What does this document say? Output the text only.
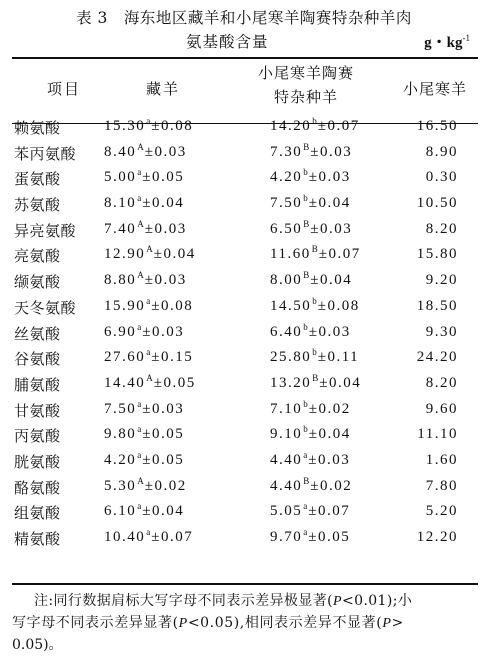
表 3 海东地区藏羊和小尾寒羊陶赛特杂种羊肉
氨基酸含量	g・$kg^{-1}$
项目	藏羊
小尾寒羊陶赛
特杂种羊	小尾寒羊
赖氨酸	15.30$^a$±0.08	14.20$^b$±0.07	16.50
苯丙氨酸 $8.40^A\pm 0.03$	$7.30^B\pm 0.03$	8.90
蛋氨酸	5.00$^a$±0.05	4.20$^b$±0.03	0.30
苏氨酸	8.10$^a$±0.04	7.50$^b$±0.04	10.50
异亮氨酸 $7.40^A\pm 0.03$	$6.50^B\pm 0.03$	8.20
亮氨酸	$12.90^A\pm 0.04$	$11.60^B\pm 0.07$	15.80
缬氨酸	$8.80^A\pm 0.03$	$8.00^B\pm 0.04$	9.20
天冬氨酸 15.90$^a$±0.08	14.50$^b$±0.08	18.50
丝氨酸	6.90$^a$±0.03	6.40$^b$±0.03	9.30
谷氨酸	27.60$^a$±0.15	25.80$^b$±0.11	24.20
脯氨酸	$14.40^A\pm 0.05$	$13.20^B\pm 0.04$	8.20
甘氨酸	7.50$^a$±0.03	7.10$^b$±0.02	9.60
丙氨酸	9.80$^a$±0.05	9.10$^b$±0.04	11.10
胱氨酸	4.20$^a$±0.05	4.40$^a$±0.03	1.60
酪氨酸	$5.30^A\pm 0.02$	$4.40^B\pm 0.02$	7.80
组氨酸	6.10$^a$±0.04	5.05$^a$±0.07	5.20
精氨酸	10.40$^a$±0.07	9.70$^a$±0.05	12.20
注:同行数据肩标大写字母不同表示差异极显著(P<0.01);小
写字母不同表示差异显著(P<0.05),相同表示差异不显著(P>
0.05)。
